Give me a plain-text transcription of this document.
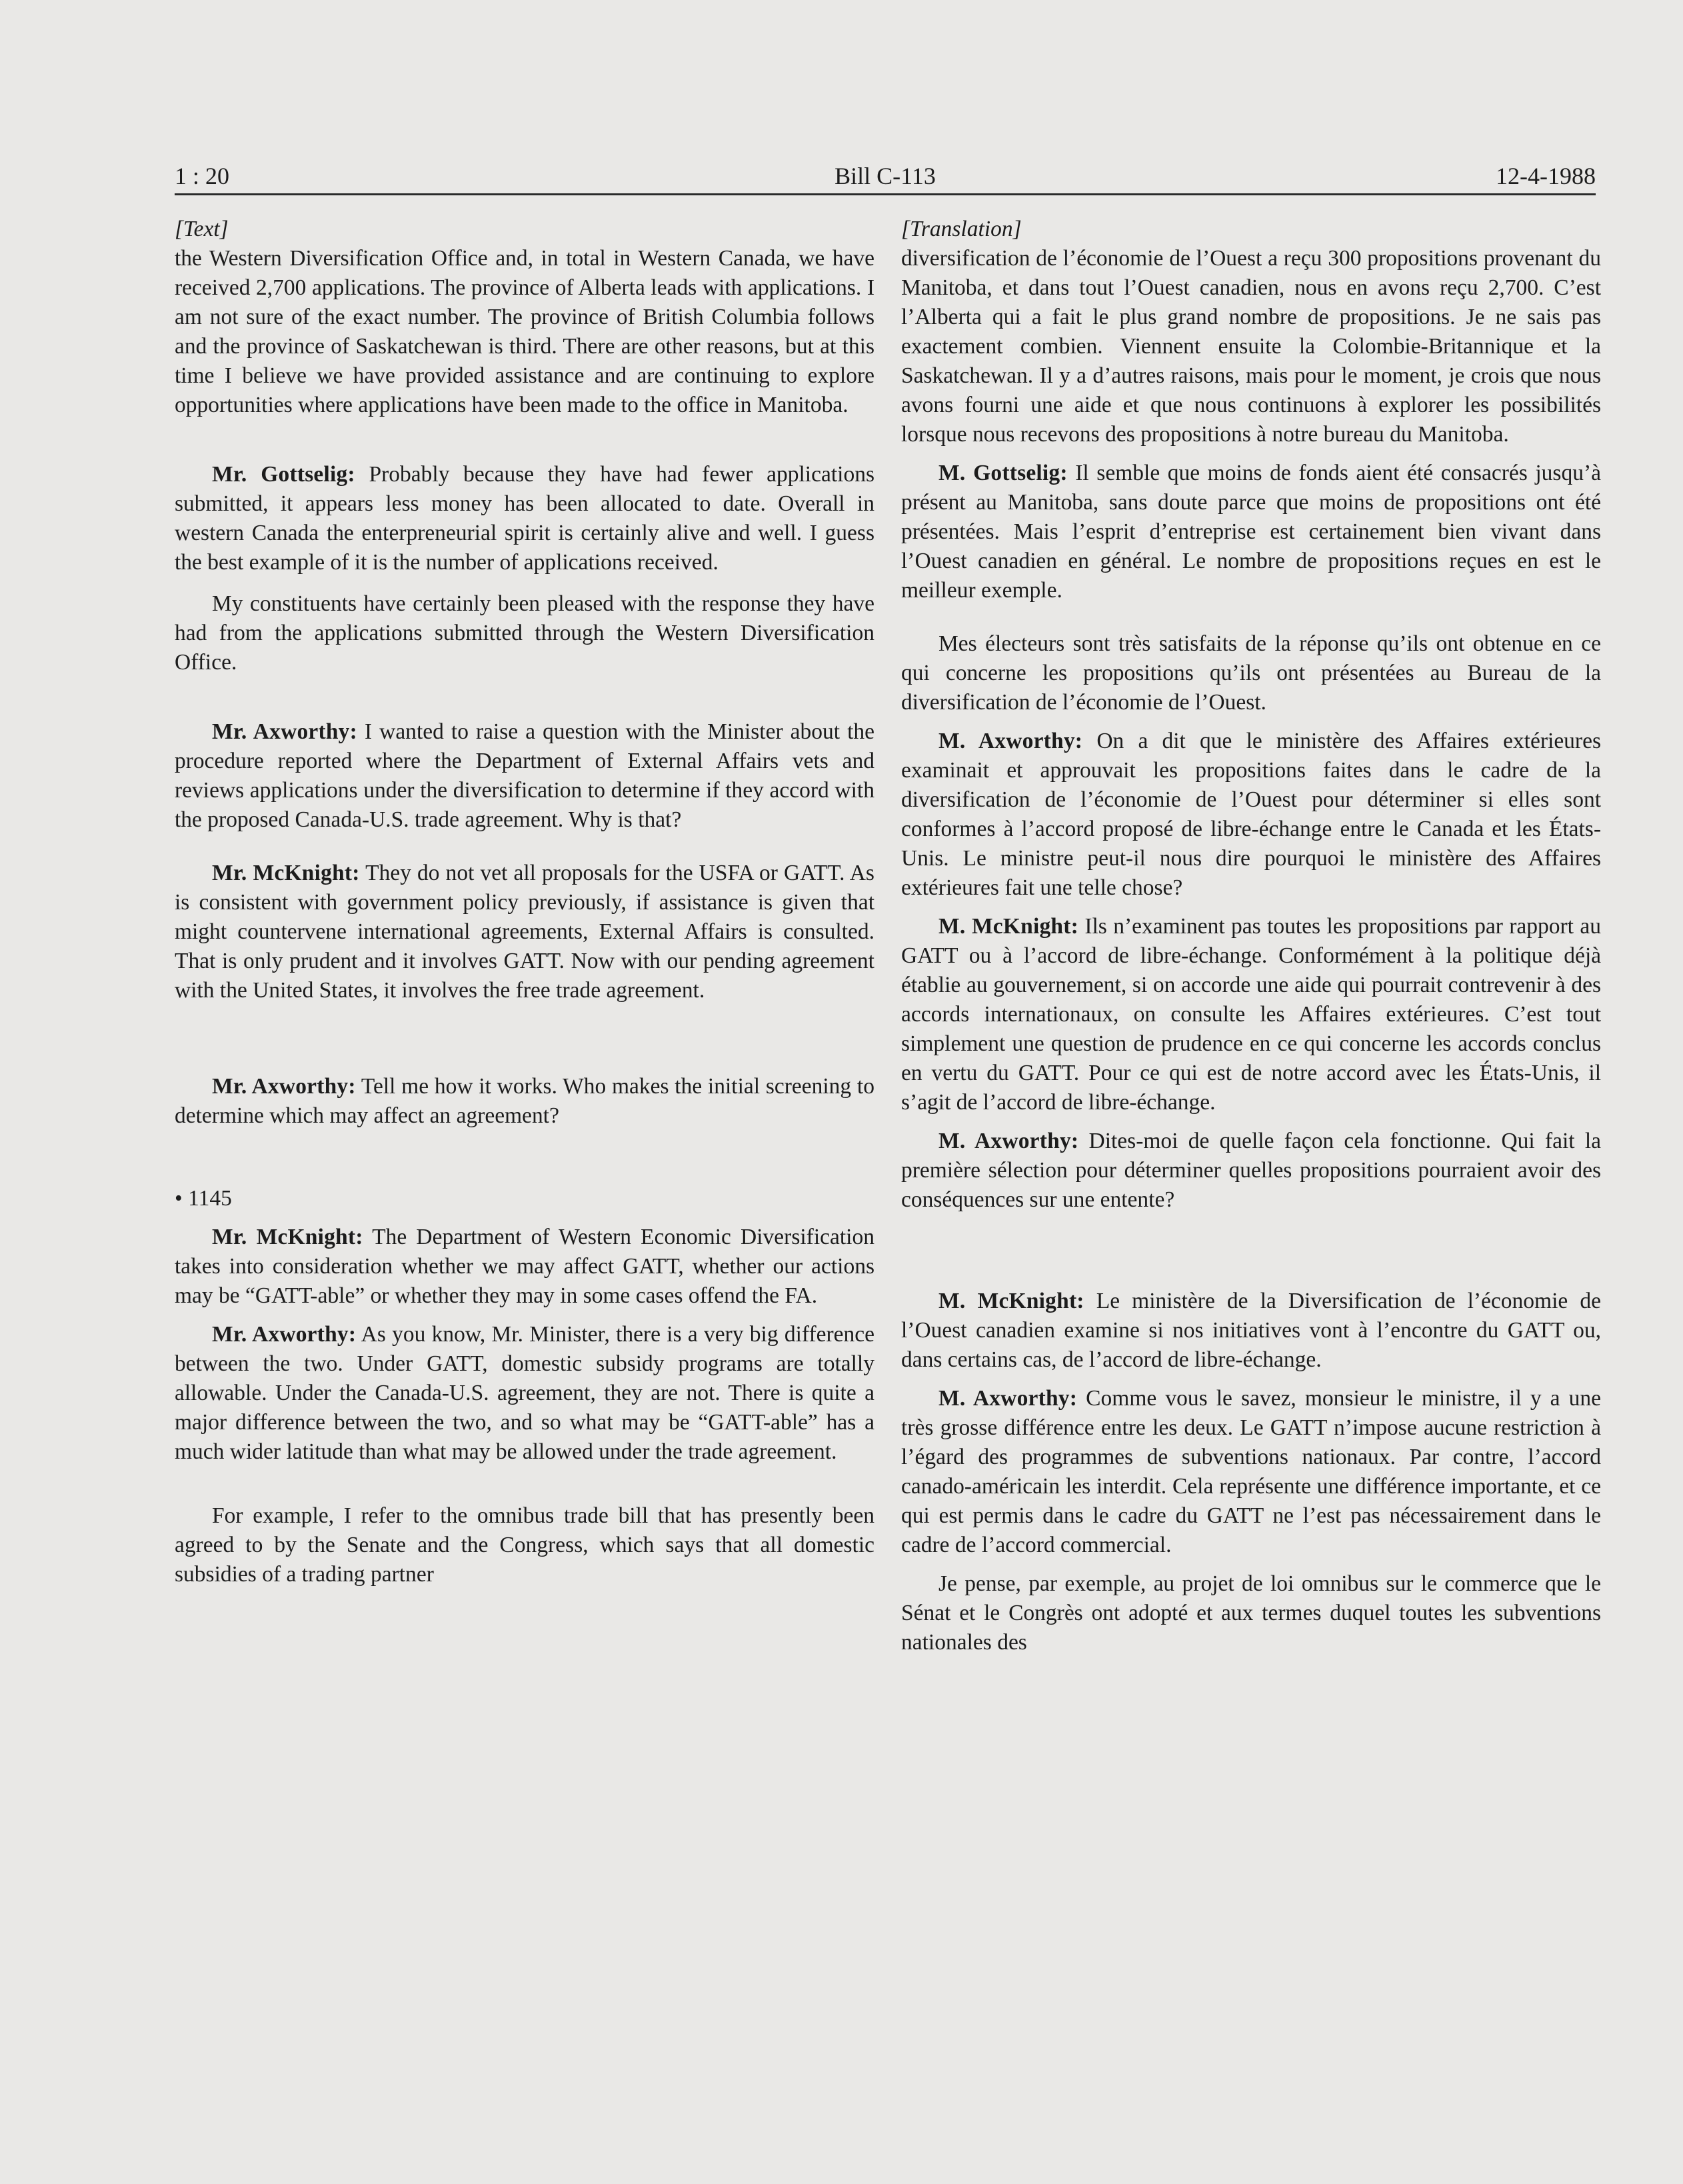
1 : 20	Bill C-113	12-4-1988

[Text]

the Western Diversification Office and, in total in Western Canada, we have received 2,700 applications. The province of Alberta leads with applications. I am not sure of the exact number. The province of British Columbia follows and the province of Saskatchewan is third. There are other reasons, but at this time I believe we have provided assistance and are continuing to explore opportunities where applications have been made to the office in Manitoba.

Mr. Gottselig: Probably because they have had fewer applications submitted, it appears less money has been allocated to date. Overall in western Canada the enterpreneurial spirit is certainly alive and well. I guess the best example of it is the number of applications received.

My constituents have certainly been pleased with the response they have had from the applications submitted through the Western Diversification Office.

Mr. Axworthy: I wanted to raise a question with the Minister about the procedure reported where the Department of External Affairs vets and reviews applications under the diversification to determine if they accord with the proposed Canada-U.S. trade agreement. Why is that?

Mr. McKnight: They do not vet all proposals for the USFA or GATT. As is consistent with government policy previously, if assistance is given that might countervene international agreements, External Affairs is consulted. That is only prudent and it involves GATT. Now with our pending agreement with the United States, it involves the free trade agreement.

Mr. Axworthy: Tell me how it works. Who makes the initial screening to determine which may affect an agreement?

• 1145

Mr. McKnight: The Department of Western Economic Diversification takes into consideration whether we may affect GATT, whether our actions may be “GATT-able” or whether they may in some cases offend the FA.

Mr. Axworthy: As you know, Mr. Minister, there is a very big difference between the two. Under GATT, domestic subsidy programs are totally allowable. Under the Canada-U.S. agreement, they are not. There is quite a major difference between the two, and so what may be “GATT-able” has a much wider latitude than what may be allowed under the trade agreement.

For example, I refer to the omnibus trade bill that has presently been agreed to by the Senate and the Congress, which says that all domestic subsidies of a trading partner

[Translation]

diversification de l’économie de l’Ouest a reçu 300 propositions provenant du Manitoba, et dans tout l’Ouest canadien, nous en avons reçu 2,700. C’est l’Alberta qui a fait le plus grand nombre de propositions. Je ne sais pas exactement combien. Viennent ensuite la Colombie-Britannique et la Saskatchewan. Il y a d’autres raisons, mais pour le moment, je crois que nous avons fourni une aide et que nous continuons à explorer les possibilités lorsque nous recevons des propositions à notre bureau du Manitoba.

M. Gottselig: Il semble que moins de fonds aient été consacrés jusqu’à présent au Manitoba, sans doute parce que moins de propositions ont été présentées. Mais l’esprit d’entreprise est certainement bien vivant dans l’Ouest canadien en général. Le nombre de propositions reçues en est le meilleur exemple.

Mes électeurs sont très satisfaits de la réponse qu’ils ont obtenue en ce qui concerne les propositions qu’ils ont présentées au Bureau de la diversification de l’économie de l’Ouest.

M. Axworthy: On a dit que le ministère des Affaires extérieures examinait et approuvait les propositions faites dans le cadre de la diversification de l’économie de l’Ouest pour déterminer si elles sont conformes à l’accord proposé de libre-échange entre le Canada et les États-Unis. Le ministre peut-il nous dire pourquoi le ministère des Affaires extérieures fait une telle chose?

M. McKnight: Ils n’examinent pas toutes les propositions par rapport au GATT ou à l’accord de libre-échange. Conformément à la politique déjà établie au gouvernement, si on accorde une aide qui pourrait contrevenir à des accords internationaux, on consulte les Affaires extérieures. C’est tout simplement une question de prudence en ce qui concerne les accords conclus en vertu du GATT. Pour ce qui est de notre accord avec les États-Unis, il s’agit de l’accord de libre-échange.

M. Axworthy: Dites-moi de quelle façon cela fonctionne. Qui fait la première sélection pour déterminer quelles propositions pourraient avoir des conséquences sur une entente?

M. McKnight: Le ministère de la Diversification de l’économie de l’Ouest canadien examine si nos initiatives vont à l’encontre du GATT ou, dans certains cas, de l’accord de libre-échange.

M. Axworthy: Comme vous le savez, monsieur le ministre, il y a une très grosse différence entre les deux. Le GATT n’impose aucune restriction à l’égard des programmes de subventions nationaux. Par contre, l’accord canado-américain les interdit. Cela représente une différence importante, et ce qui est permis dans le cadre du GATT ne l’est pas nécessairement dans le cadre de l’accord commercial.

Je pense, par exemple, au projet de loi omnibus sur le commerce que le Sénat et le Congrès ont adopté et aux termes duquel toutes les subventions nationales des
